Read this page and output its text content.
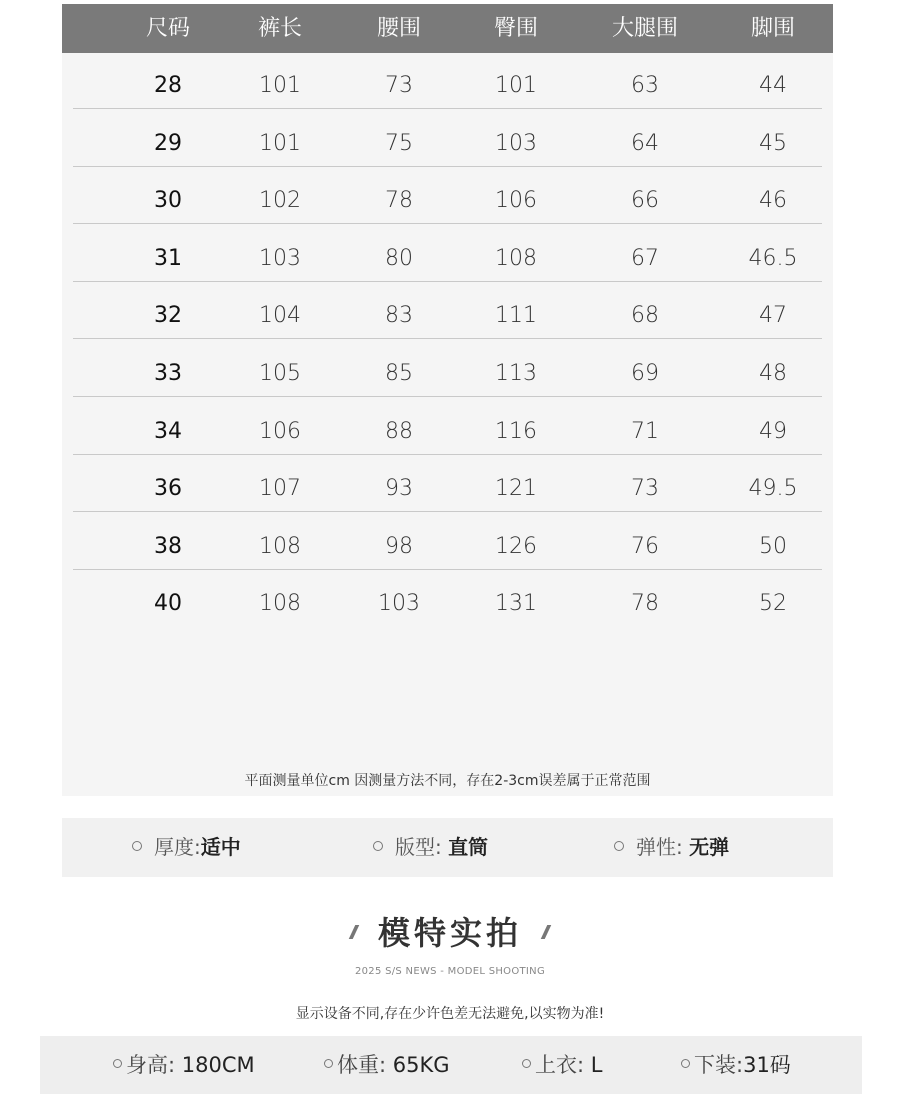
尺码	裤长	腰围	臀围	大腿围	脚围
28	101	73	101	63	44
29	101	75	103	64	45
30	102	78	106	66	46
31	103	80	108	67	46.5
32	104	83	111	68	47
33	105	85	113	69	48
34	106	88	116	71	49
36	107	93	121	73	49.5
38	108	98	126	76	50
40	108	103	131	78	52
平面测量单位cm 因测量方法不同，存在2-3cm误差属于正常范围
厚度:适中	版型: 直筒	弹性: 无弹
模特实拍
2025 S/S NEWS - MODEL SHOOTING
显示设备不同,存在少许色差无法避免,以实物为准!
身高: 180CM	体重: 65KG	上衣: L	下装:31码
